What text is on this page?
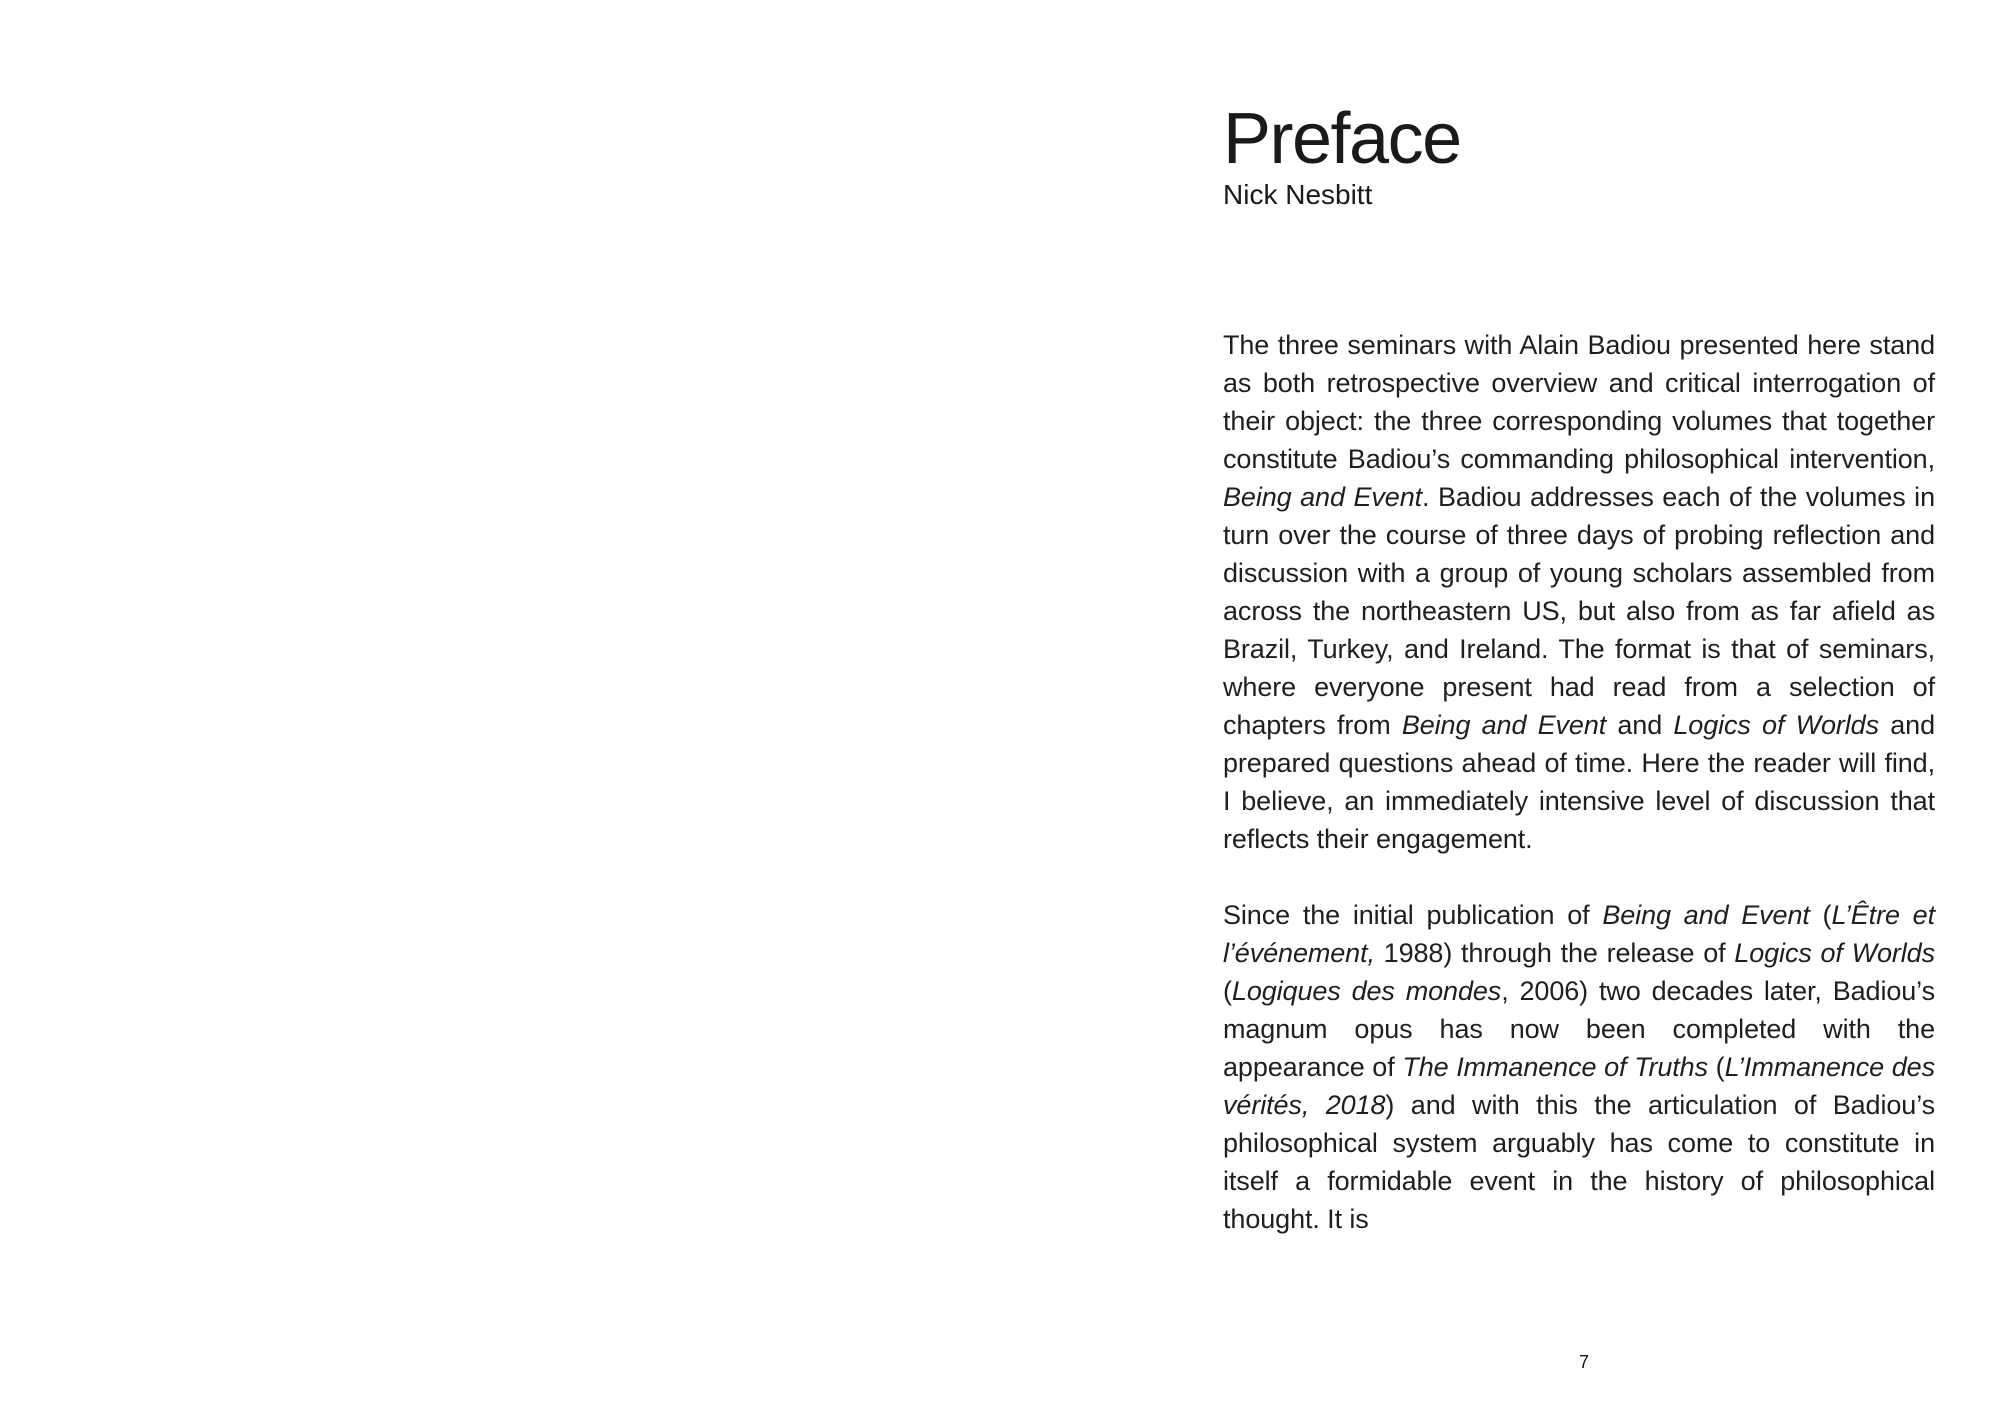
Preface

Nick Nesbitt

The three seminars with Alain Badiou presented here stand as both retrospective overview and critical interrogation of their object: the three corresponding volumes that together constitute Badiou’s commanding philosophical intervention, Being and Event. Badiou addresses each of the volumes in turn over the course of three days of probing reflection and discussion with a group of young scholars assembled from across the northeastern US, but also from as far afield as Brazil, Turkey, and Ireland. The format is that of seminars, where everyone present had read from a selection of chapters from Being and Event and Logics of Worlds and prepared questions ahead of time. Here the reader will find, I believe, an immediately intensive level of discussion that reflects their engagement.

Since the initial publication of Being and Event (L’Être et l’événement, 1988) through the release of Logics of Worlds (Logiques des mondes, 2006) two decades later, Badiou’s magnum opus has now been completed with the appearance of The Immanence of Truths (L’Immanence des vérités, 2018) and with this the articulation of Badiou’s philosophical system arguably has come to constitute in itself a formidable event in the history of philosophical thought. It is

7
